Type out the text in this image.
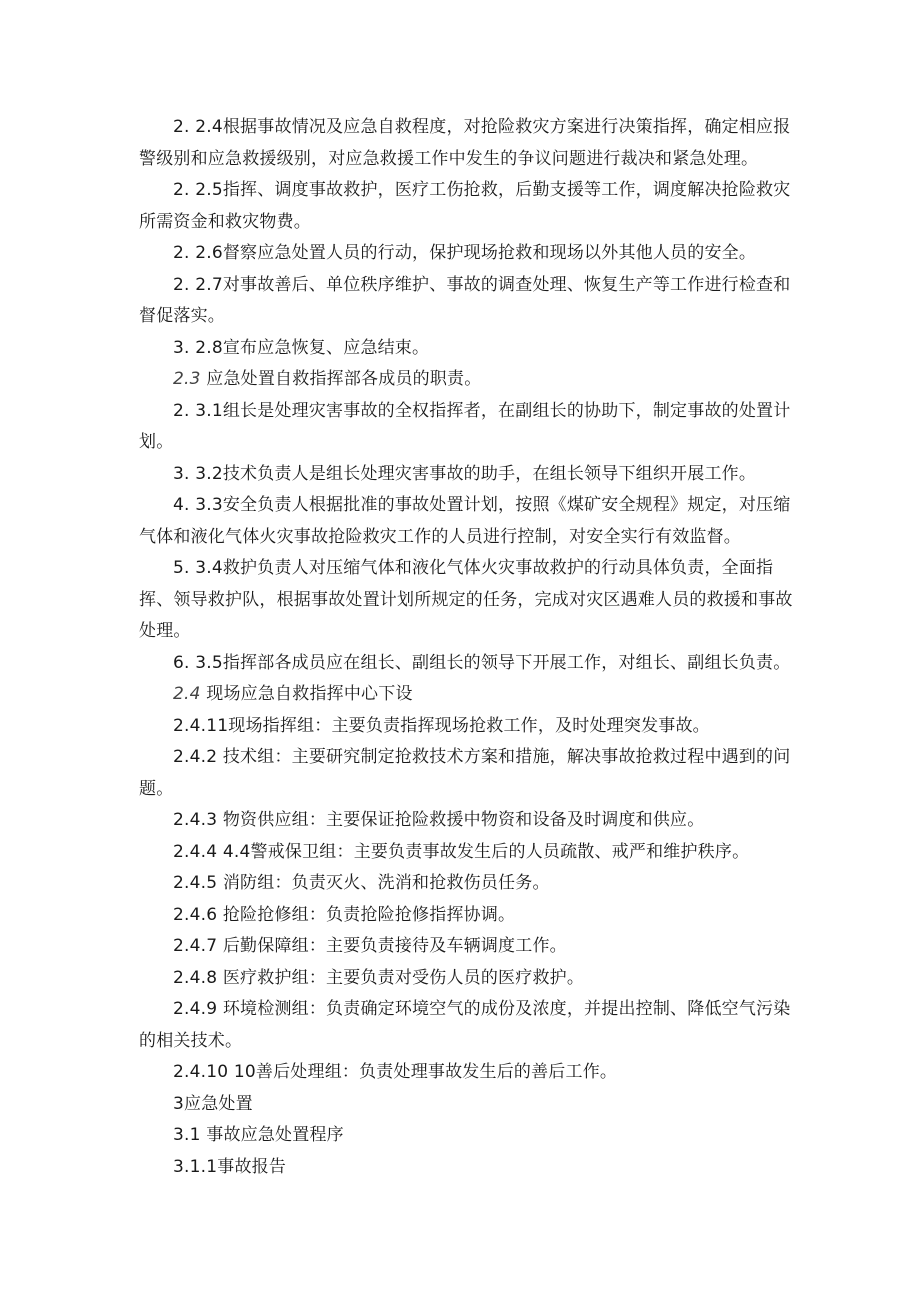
2. 2.4根据事故情况及应急自救程度，对抢险救灾方案进行决策指挥，确定相应报警级别和应急救援级别，对应急救援工作中发生的争议问题进行裁决和紧急处理。

2. 2.5指挥、调度事故救护，医疗工伤抢救，后勤支援等工作，调度解决抢险救灾所需资金和救灾物费。

2. 2.6督察应急处置人员的行动，保护现场抢救和现场以外其他人员的安全。

2. 2.7对事故善后、单位秩序维护、事故的调查处理、恢复生产等工作进行检查和督促落实。

3. 2.8宣布应急恢复、应急结束。

2.3 应急处置自救指挥部各成员的职责。

2. 3.1组长是处理灾害事故的全权指挥者，在副组长的协助下，制定事故的处置计划。

3. 3.2技术负责人是组长处理灾害事故的助手，在组长领导下组织开展工作。

4. 3.3安全负责人根据批准的事故处置计划，按照《煤矿安全规程》规定，对压缩气体和液化气体火灾事故抢险救灾工作的人员进行控制，对安全实行有效监督。

5. 3.4救护负责人对压缩气体和液化气体火灾事故救护的行动具体负责，全面指挥、领导救护队，根据事故处置计划所规定的任务，完成对灾区遇难人员的救援和事故处理。

6. 3.5指挥部各成员应在组长、副组长的领导下开展工作，对组长、副组长负责。

2.4 现场应急自救指挥中心下设

2.4.11现场指挥组：主要负责指挥现场抢救工作，及时处理突发事故。

2.4.2 技术组：主要研究制定抢救技术方案和措施，解决事故抢救过程中遇到的问题。

2.4.3 物资供应组：主要保证抢险救援中物资和设备及时调度和供应。

2.4.4 4.4警戒保卫组：主要负责事故发生后的人员疏散、戒严和维护秩序。

2.4.5 消防组：负责灭火、洗消和抢救伤员任务。

2.4.6 抢险抢修组：负责抢险抢修指挥协调。

2.4.7 后勤保障组：主要负责接待及车辆调度工作。

2.4.8 医疗救护组：主要负责对受伤人员的医疗救护。

2.4.9 环境检测组：负责确定环境空气的成份及浓度，并提出控制、降低空气污染的相关技术。

2.4.10 10善后处理组：负责处理事故发生后的善后工作。

3应急处置

3.1 事故应急处置程序

3.1.1事故报告
